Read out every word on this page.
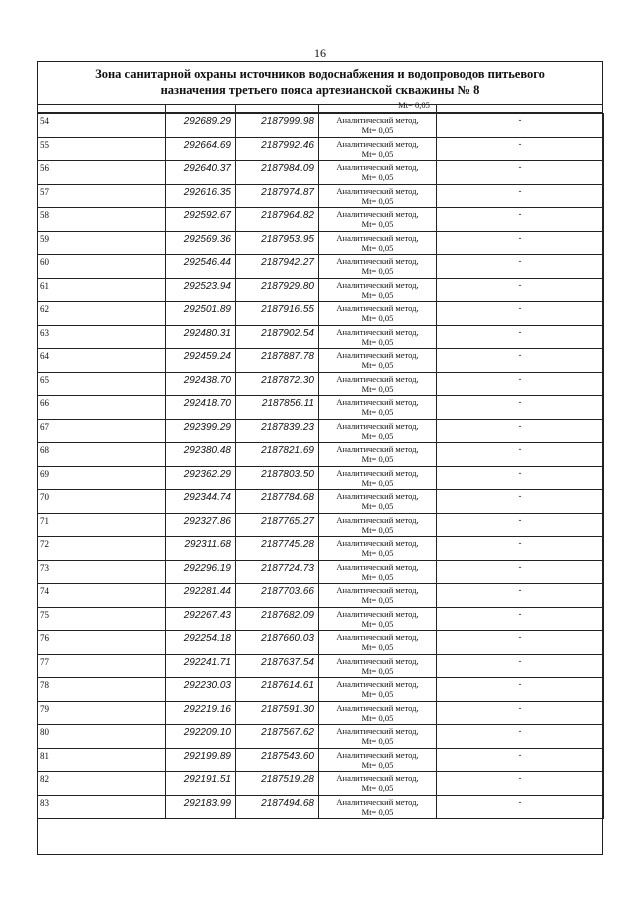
16
Зона санитарной охраны источников водоснабжения и водопроводов питьевого
назначения третьего пояса артезианской скважины № 8
Mt= 0,05
54	292689.29	2187999.98	Аналитический метод,
Mt= 0,05	-
55	292664.69	2187992.46	Аналитический метод,
Mt= 0,05	-
56	292640.37	2187984.09	Аналитический метод,
Mt= 0,05	-
57	292616.35	2187974.87	Аналитический метод,
Mt= 0,05	-
58	292592.67	2187964.82	Аналитический метод,
Mt= 0,05	-
59	292569.36	2187953.95	Аналитический метод,
Mt= 0,05	-
60	292546.44	2187942.27	Аналитический метод,
Mt= 0,05	-
61	292523.94	2187929.80	Аналитический метод,
Mt= 0,05	-
62	292501.89	2187916.55	Аналитический метод,
Mt= 0,05	-
63	292480.31	2187902.54	Аналитический метод,
Mt= 0,05	-
64	292459.24	2187887.78	Аналитический метод,
Mt= 0,05	-
65	292438.70	2187872.30	Аналитический метод,
Mt= 0,05	-
66	292418.70	2187856.11	Аналитический метод,
Mt= 0,05	-
67	292399.29	2187839.23	Аналитический метод,
Mt= 0,05	-
68	292380.48	2187821.69	Аналитический метод,
Mt= 0,05	-
69	292362.29	2187803.50	Аналитический метод,
Mt= 0,05	-
70	292344.74	2187784.68	Аналитический метод,
Mt= 0,05	-
71	292327.86	2187765.27	Аналитический метод,
Mt= 0,05	-
72	292311.68	2187745.28	Аналитический метод,
Mt= 0,05	-
73	292296.19	2187724.73	Аналитический метод,
Mt= 0,05	-
74	292281.44	2187703.66	Аналитический метод,
Mt= 0,05	-
75	292267.43	2187682.09	Аналитический метод,
Mt= 0,05	-
76	292254.18	2187660.03	Аналитический метод,
Mt= 0,05	-
77	292241.71	2187637.54	Аналитический метод,
Mt= 0,05	-
78	292230.03	2187614.61	Аналитический метод,
Mt= 0,05	-
79	292219.16	2187591.30	Аналитический метод,
Mt= 0,05	-
80	292209.10	2187567.62	Аналитический метод,
Mt= 0,05	-
81	292199.89	2187543.60	Аналитический метод,
Mt= 0,05	-
82	292191.51	2187519.28	Аналитический метод,
Mt= 0,05	-
83	292183.99	2187494.68	Аналитический метод,
Mt= 0,05	-
